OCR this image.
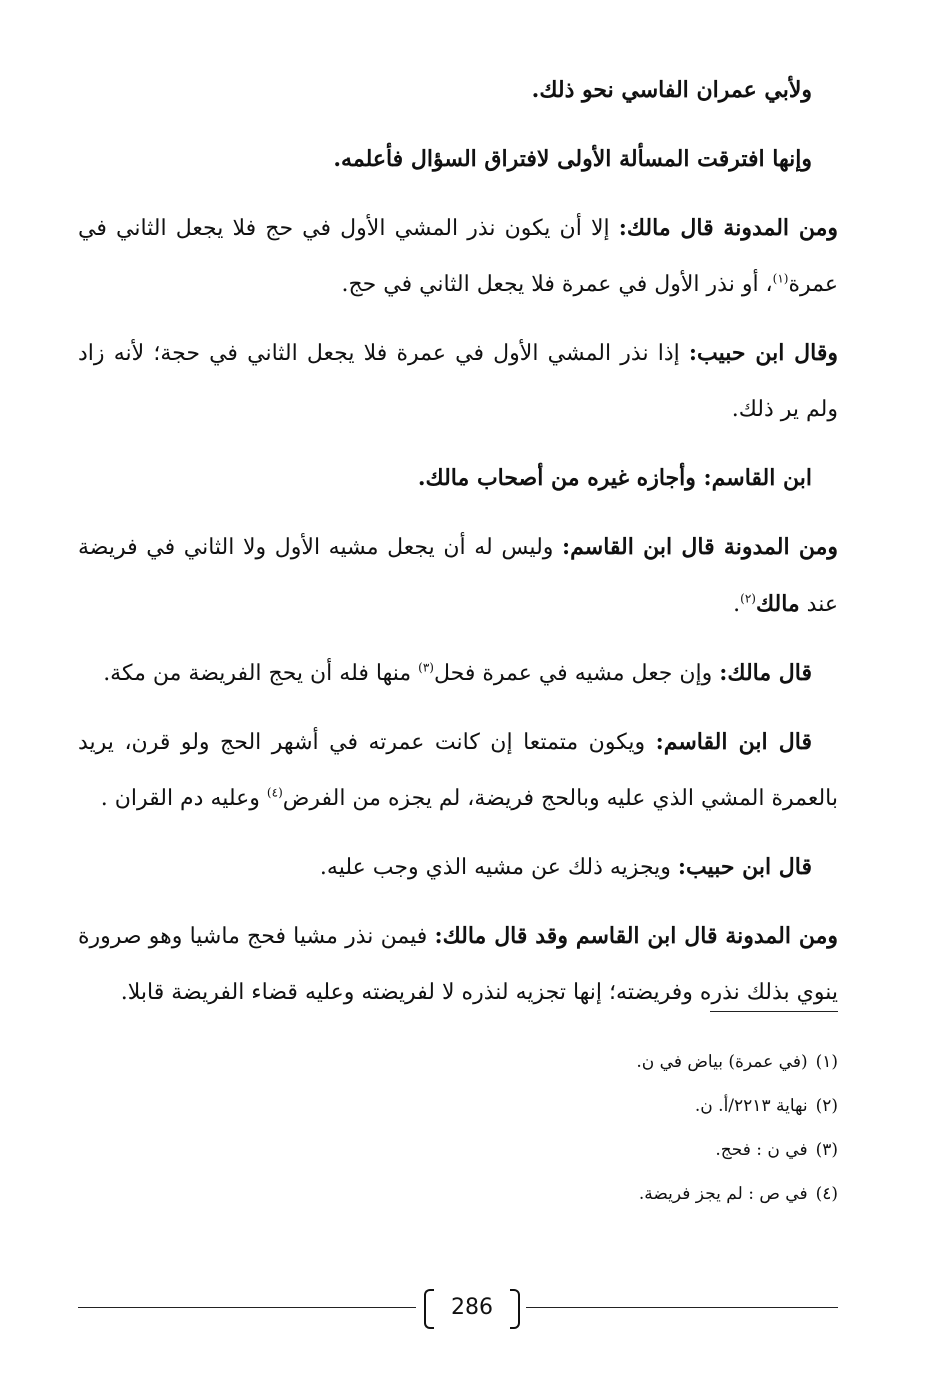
ولأبي عمران الفاسي نحو ذلك.

وإنها افترقت المسألة الأولى لافتراق السؤال فأعلمه.

ومن المدونة قال مالك: إلا أن يكون نذر المشي الأول في حج فلا يجعل الثاني في عمرة$^{(١)}$، أو نذر الأول في عمرة فلا يجعل الثاني في حج.

وقال ابن حبيب: إذا نذر المشي الأول في عمرة فلا يجعل الثاني في حجة؛ لأنه زاد ولم ير ذلك.

ابن القاسم: وأجازه غيره من أصحاب مالك.

ومن المدونة قال ابن القاسم: وليس له أن يجعل مشيه الأول ولا الثاني في فريضة عند مالك$^{(٢)}$.

قال مالك: وإن جعل مشيه في عمرة فحل$^{(٣)}$ منها فله أن يحج الفريضة من مكة.

قال ابن القاسم: ويكون متمتعا إن كانت عمرته في أشهر الحج ولو قرن، يريد بالعمرة المشي الذي عليه وبالحج فريضة، لم يجزه من الفرض$^{(٤)}$ وعليه دم القران .

قال ابن حبيب: ويجزيه ذلك عن مشيه الذي وجب عليه.

ومن المدونة قال ابن القاسم وقد قال مالك: فيمن نذر مشيا فحج ماشيا وهو صرورة ينوي بذلك نذره وفريضته؛ إنها تجزيه لنذره لا لفريضته وعليه قضاء الفريضة قابلا.

(١)(في عمرة) بياض في ن.

(٢)نهاية ٢٢١٣/أ. ن.

(٣)في ن : فحج.

(٤)في ص : لم يجز فريضة.

286
